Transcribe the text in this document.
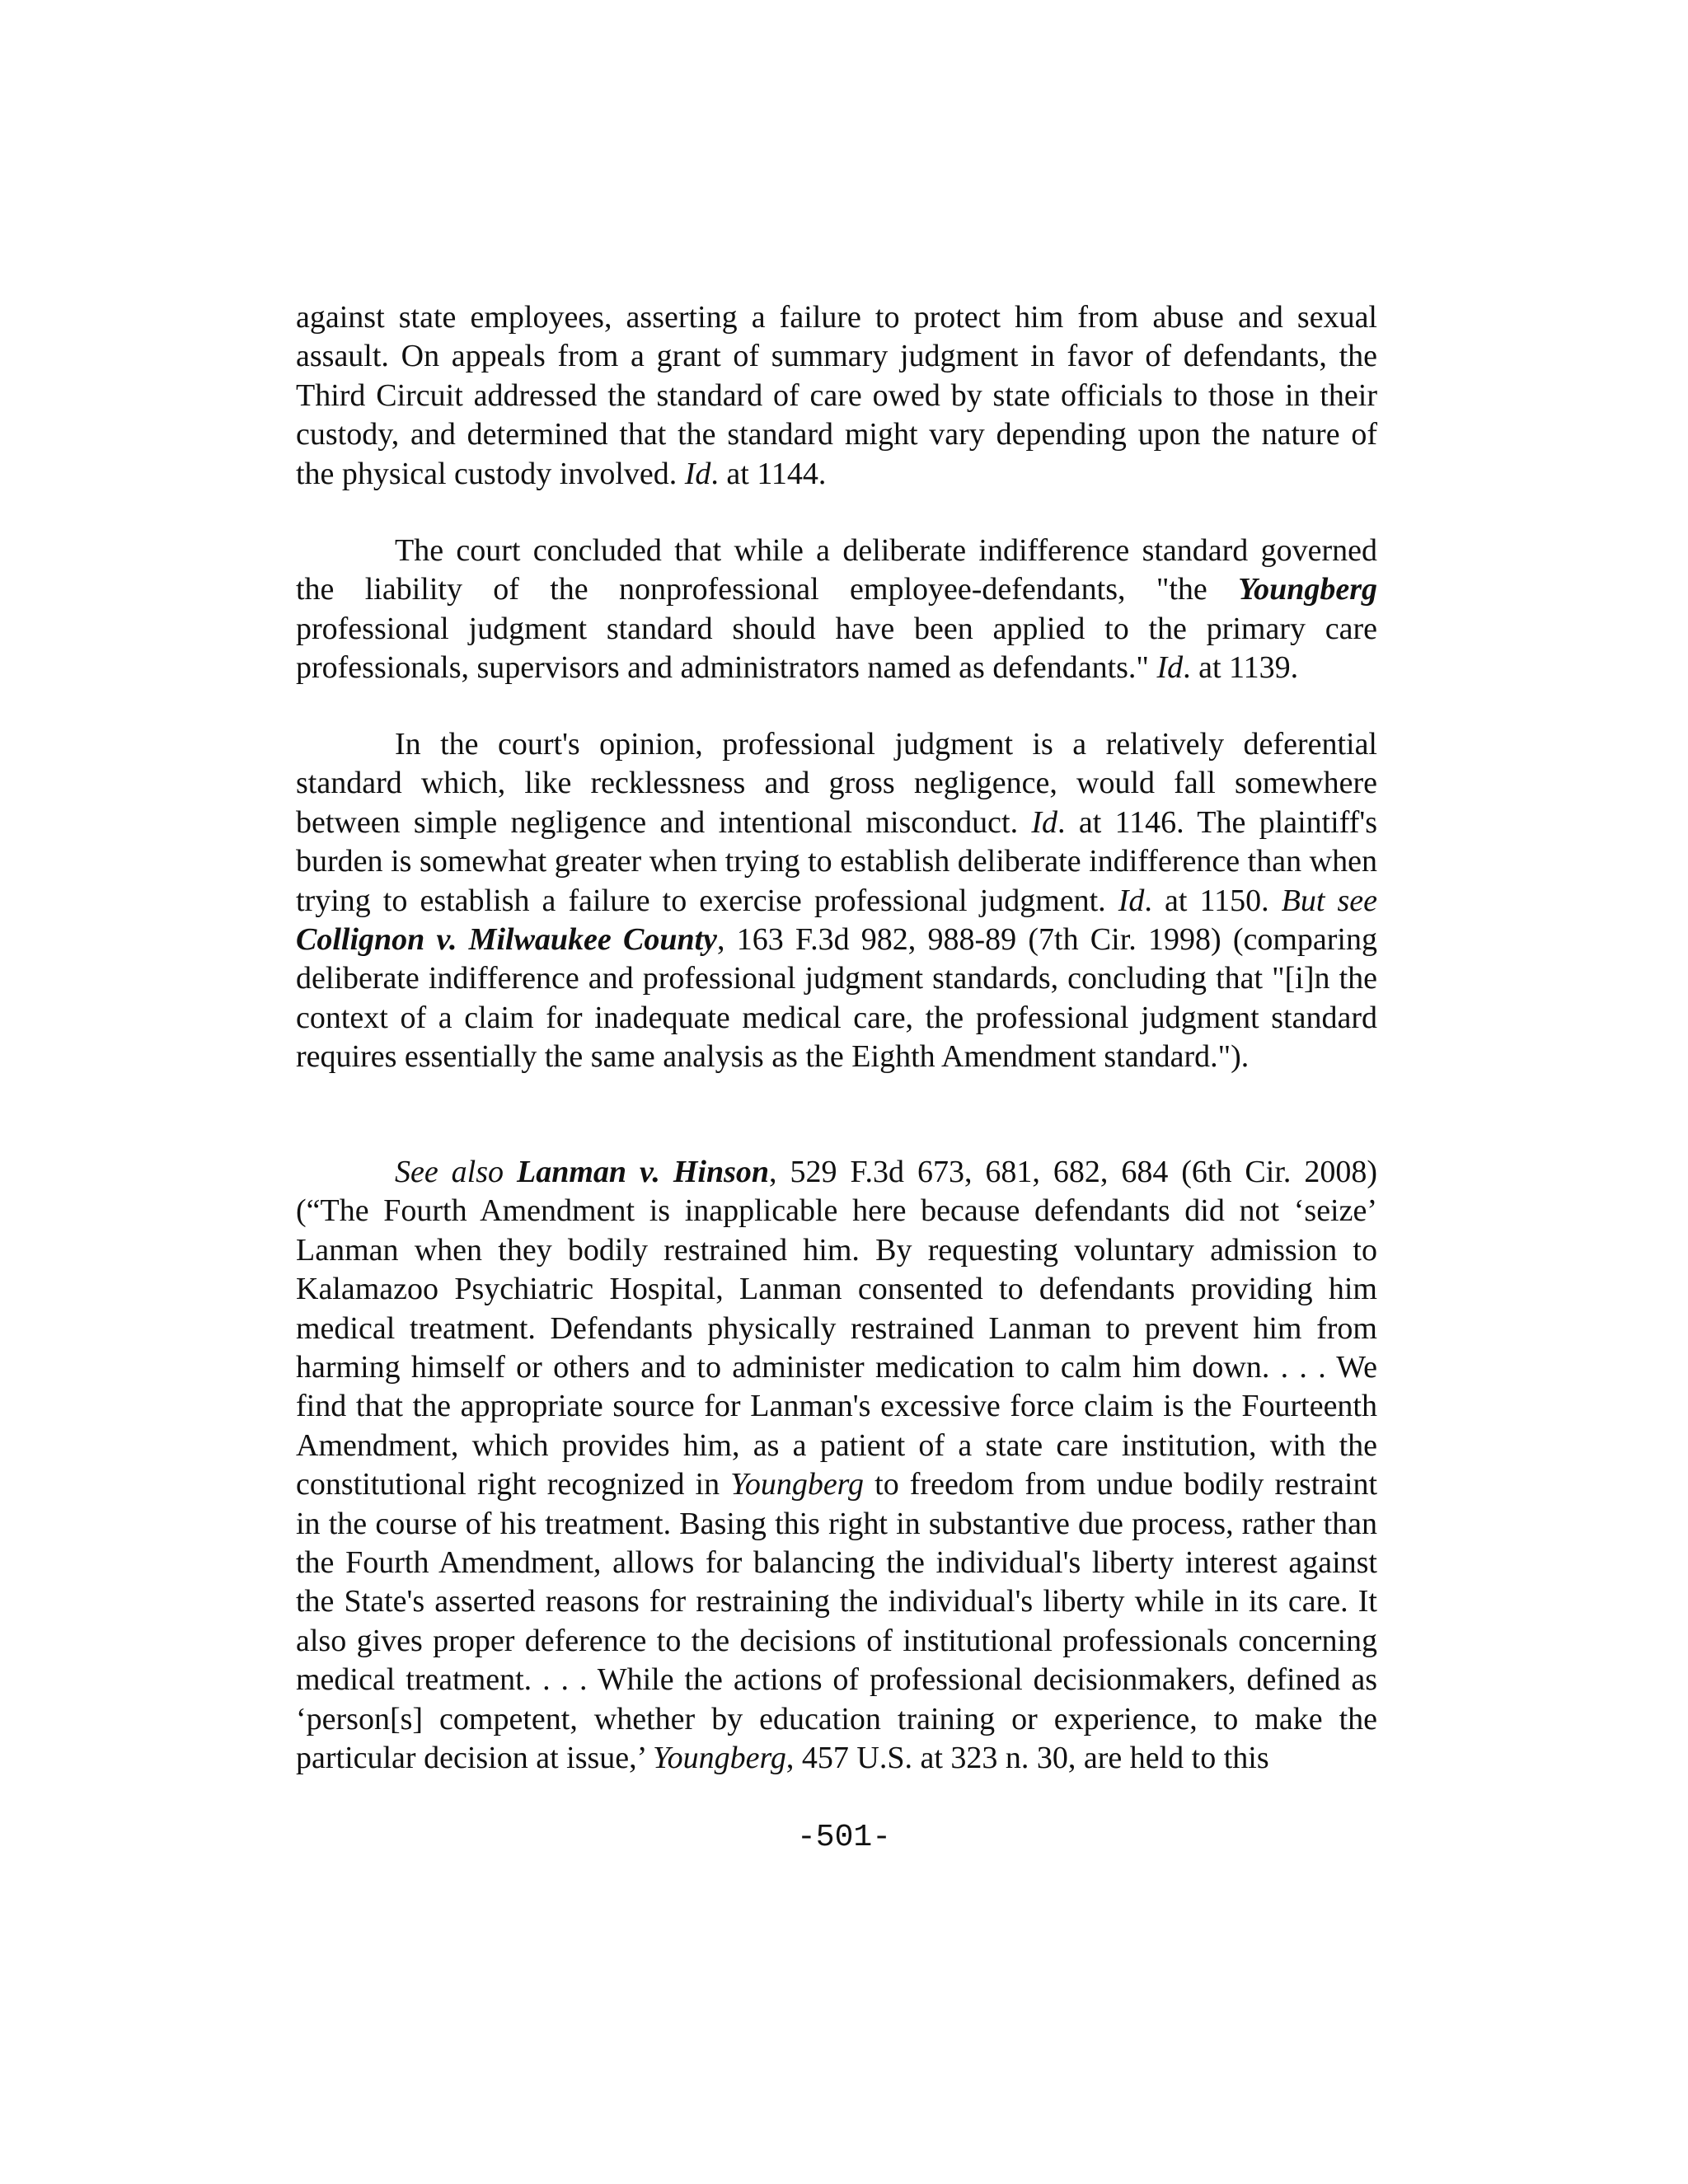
against state employees, asserting a failure to protect him from abuse and sexual assault. On appeals from a grant of summary judgment in favor of defendants, the Third Circuit addressed the standard of care owed by state officials to those in their custody, and determined that the standard might vary depending upon the nature of the physical custody involved. Id. at 1144.

The court concluded that while a deliberate indifference standard governed the liability of the nonprofessional employee-defendants, "the Youngberg professional judgment standard should have been applied to the primary care professionals, supervisors and administrators named as defendants." Id. at 1139.

In the court's opinion, professional judgment is a relatively deferential standard which, like recklessness and gross negligence, would fall somewhere between simple negligence and intentional misconduct. Id. at 1146. The plaintiff's burden is somewhat greater when trying to establish deliberate indifference than when trying to establish a failure to exercise professional judgment. Id. at 1150. But see Collignon v. Milwaukee County, 163 F.3d 982, 988-89 (7th Cir. 1998) (comparing deliberate indifference and professional judgment standards, concluding that "[i]n the context of a claim for inadequate medical care, the professional judgment standard requires essentially the same analysis as the Eighth Amendment standard.").

See also Lanman v. Hinson, 529 F.3d 673, 681, 682, 684 (6th Cir. 2008) (“The Fourth Amendment is inapplicable here because defendants did not ‘seize’ Lanman when they bodily restrained him. By requesting voluntary admission to Kalamazoo Psychiatric Hospital, Lanman consented to defendants providing him medical treatment. Defendants physically restrained Lanman to prevent him from harming himself or others and to administer medication to calm him down. . . . We find that the appropriate source for Lanman's excessive force claim is the Fourteenth Amendment, which provides him, as a patient of a state care institution, with the constitutional right recognized in Youngberg to freedom from undue bodily restraint in the course of his treatment. Basing this right in substantive due process, rather than the Fourth Amendment, allows for balancing the individual's liberty interest against the State's asserted reasons for restraining the individual's liberty while in its care. It also gives proper deference to the decisions of institutional professionals concerning medical treatment. . . . While the actions of professional decisionmakers, defined as ‘person[s] competent, whether by education training or experience, to make the particular decision at issue,’ Youngberg, 457 U.S. at 323 n. 30, are held to this

-501-
